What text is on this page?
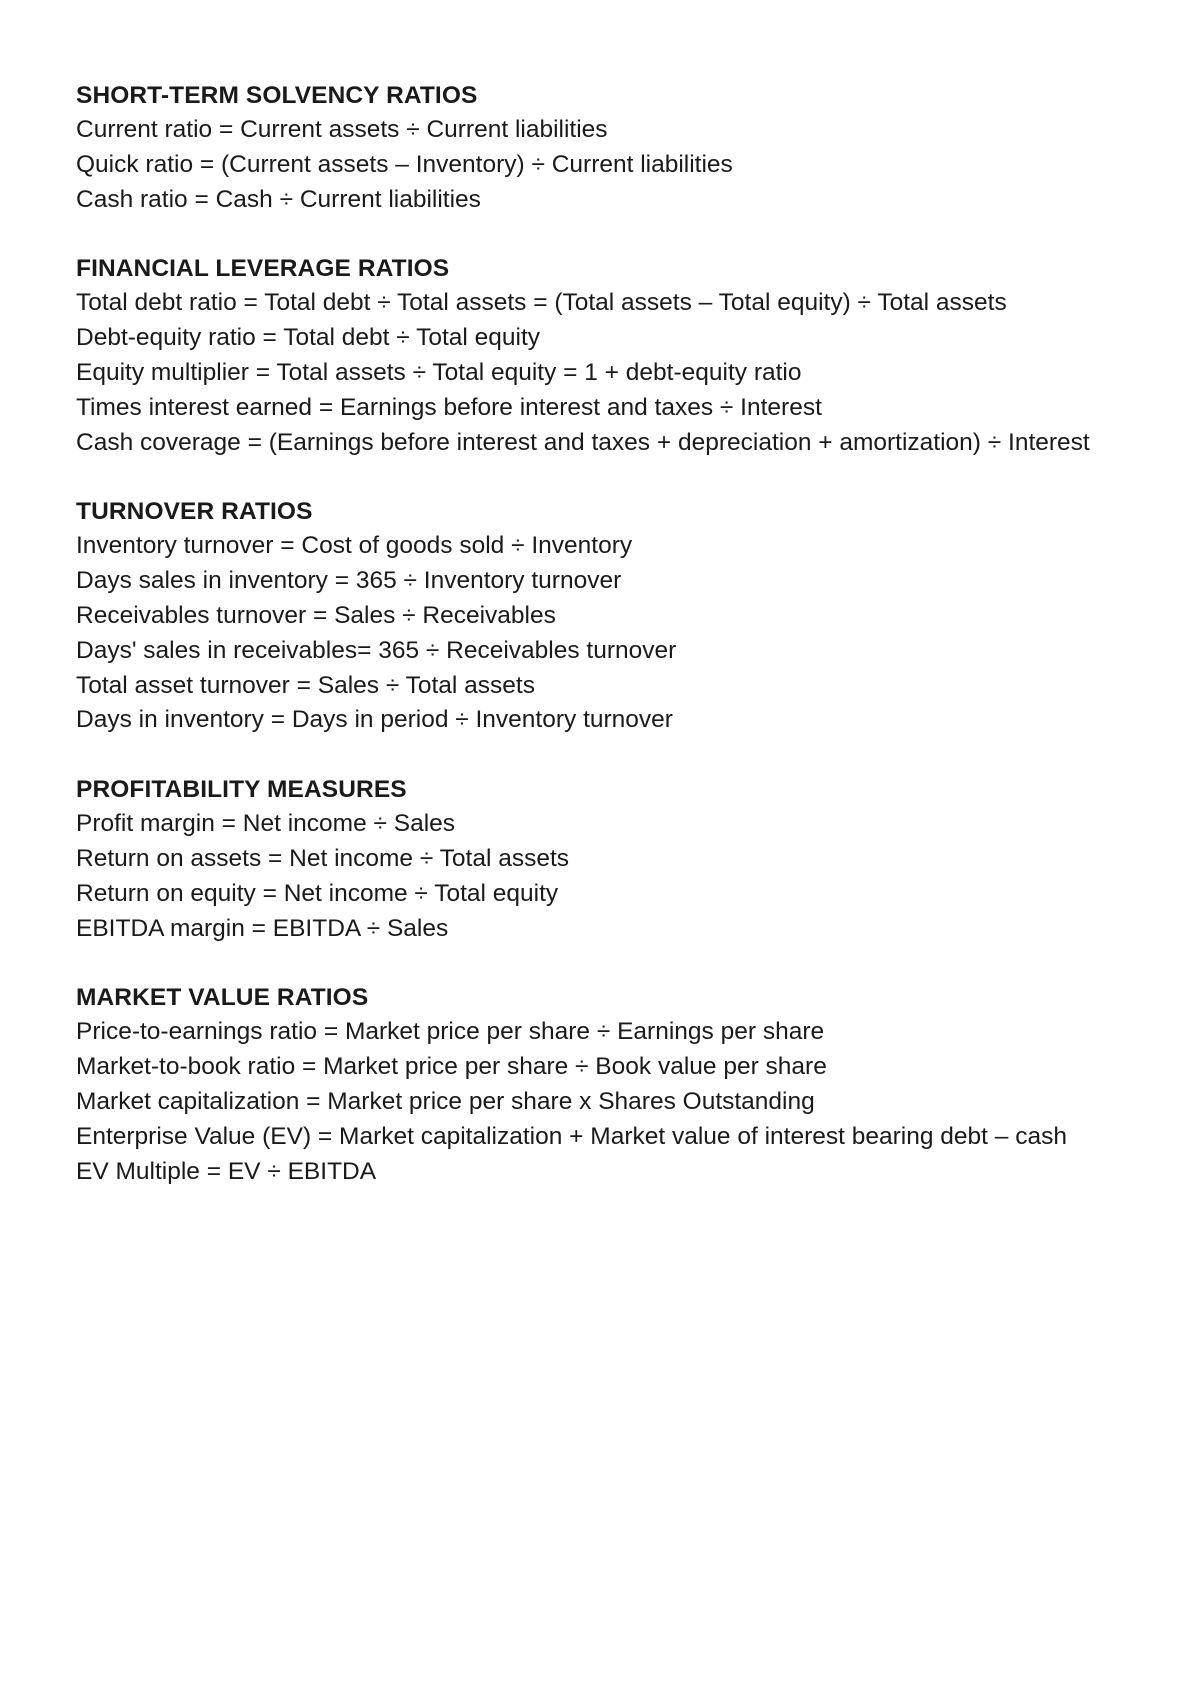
SHORT-TERM SOLVENCY RATIOS
Current ratio = Current assets ÷ Current liabilities
Quick ratio = (Current assets – Inventory) ÷ Current liabilities
Cash ratio = Cash ÷ Current liabilities
FINANCIAL LEVERAGE RATIOS
Total debt ratio = Total debt ÷ Total assets = (Total assets – Total equity) ÷ Total assets
Debt-equity ratio = Total debt ÷ Total equity
Equity multiplier = Total assets ÷ Total equity = 1 + debt-equity ratio
Times interest earned = Earnings before interest and taxes ÷ Interest
Cash coverage = (Earnings before interest and taxes + depreciation + amortization) ÷ Interest
TURNOVER RATIOS
Inventory turnover = Cost of goods sold ÷ Inventory
Days sales in inventory = 365 ÷ Inventory turnover
Receivables turnover = Sales ÷ Receivables
Days' sales in receivables= 365 ÷ Receivables turnover
Total asset turnover = Sales ÷ Total assets
Days in inventory = Days in period ÷ Inventory turnover
PROFITABILITY MEASURES
Profit margin = Net income ÷ Sales
Return on assets = Net income ÷ Total assets
Return on equity = Net income ÷ Total equity
EBITDA margin = EBITDA ÷ Sales
MARKET VALUE RATIOS
Price-to-earnings ratio = Market price per share ÷ Earnings per share
Market-to-book ratio = Market price per share ÷ Book value per share
Market capitalization = Market price per share x Shares Outstanding
Enterprise Value (EV) = Market capitalization + Market value of interest bearing debt – cash
EV Multiple = EV ÷ EBITDA
